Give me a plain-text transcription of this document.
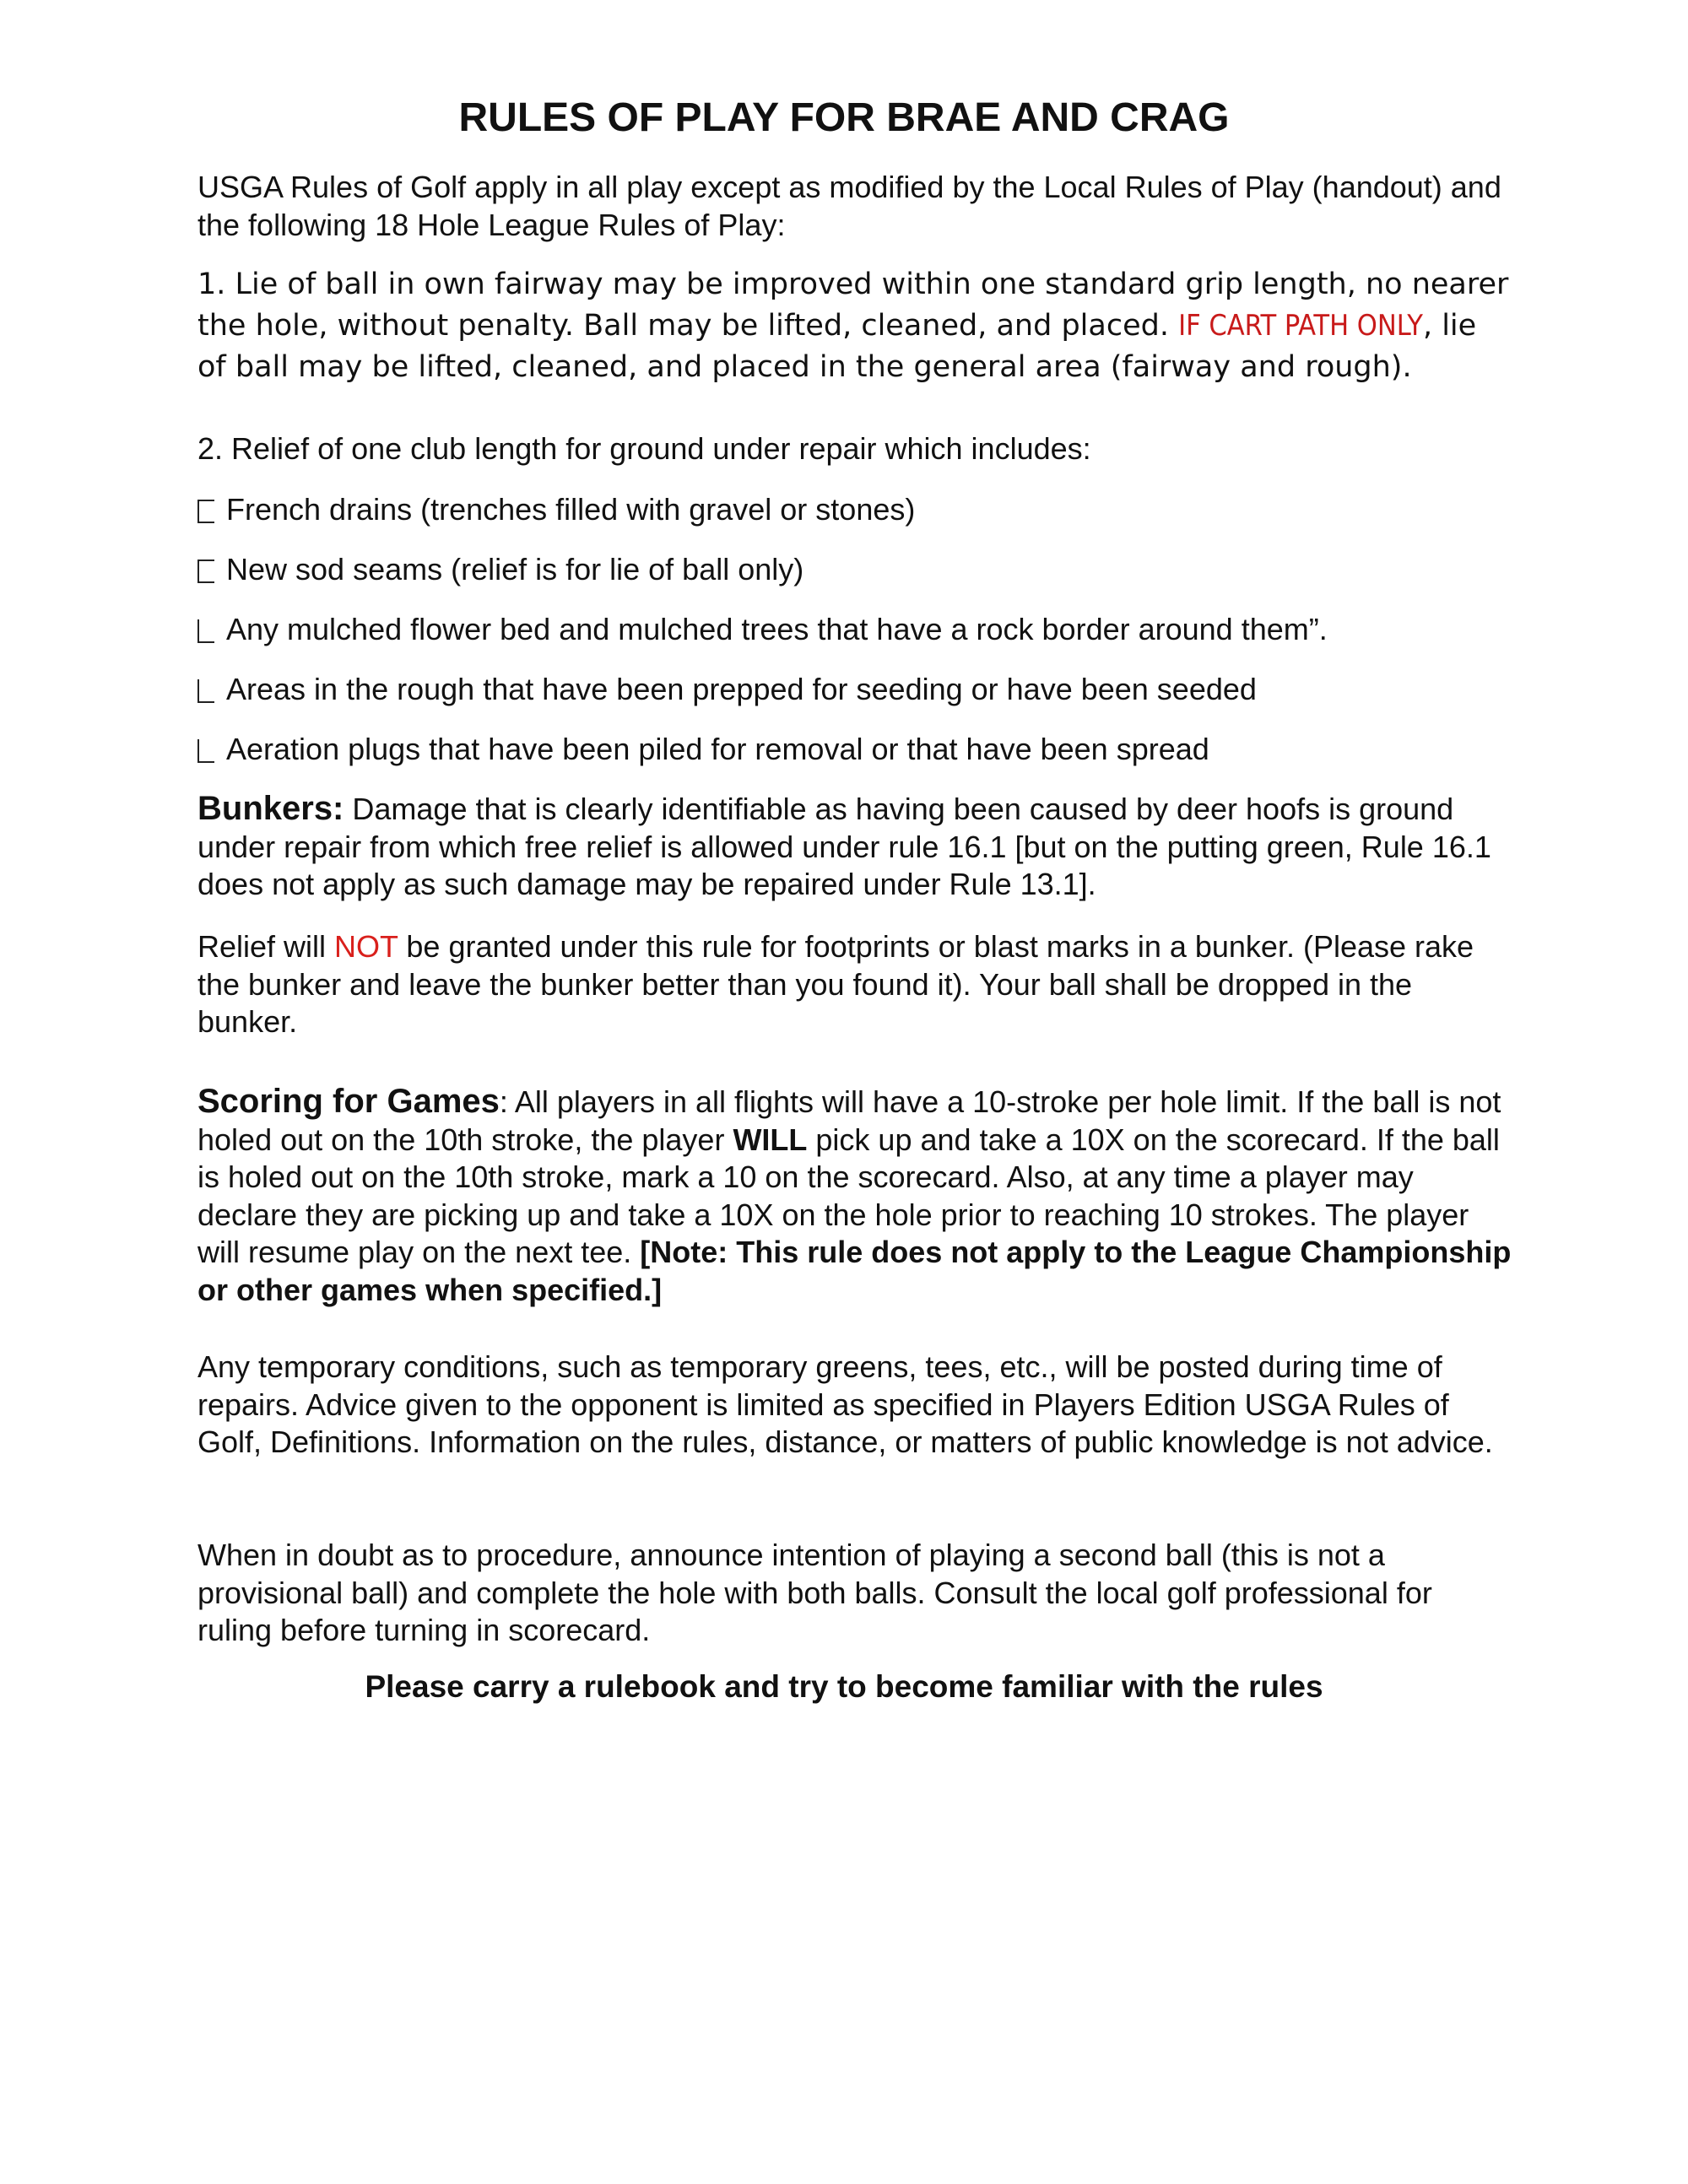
RULES OF PLAY FOR BRAE AND CRAG

USGA Rules of Golf apply in all play except as modified by the Local Rules of Play (handout) and the following 18 Hole League Rules of Play:

1. Lie of ball in own fairway may be improved within one standard grip length, no nearer the hole, without penalty. Ball may be lifted, cleaned, and placed. IF CART PATH ONLY, lie of ball may be lifted, cleaned, and placed in the general area (fairway and rough).

2. Relief of one club length for ground under repair which includes:

French drains (trenches filled with gravel or stones)

New sod seams (relief is for lie of ball only)

Any mulched flower bed and mulched trees that have a rock border around them”.

Areas in the rough that have been prepped for seeding or have been seeded

Aeration plugs that have been piled for removal or that have been spread

Bunkers: Damage that is clearly identifiable as having been caused by deer hoofs is ground under repair from which free relief is allowed under rule 16.1 [but on the putting green, Rule 16.1 does not apply as such damage may be repaired under Rule 13.1].

Relief will NOT be granted under this rule for footprints or blast marks in a bunker. (Please rake the bunker and leave the bunker better than you found it). Your ball shall be dropped in the bunker.

Scoring for Games: All players in all flights will have a 10-stroke per hole limit. If the ball is not holed out on the 10th stroke, the player WILL pick up and take a 10X on the scorecard. If the ball is holed out on the 10th stroke, mark a 10 on the scorecard. Also, at any time a player may declare they are picking up and take a 10X on the hole prior to reaching 10 strokes. The player will resume play on the next tee. [Note: This rule does not apply to the League Championship or other games when specified.]

Any temporary conditions, such as temporary greens, tees, etc., will be posted during time of repairs. Advice given to the opponent is limited as specified in Players Edition USGA Rules of Golf, Definitions. Information on the rules, distance, or matters of public knowledge is not advice.

When in doubt as to procedure, announce intention of playing a second ball (this is not a provisional ball) and complete the hole with both balls. Consult the local golf professional for ruling before turning in scorecard.

Please carry a rulebook and try to become familiar with the rules
